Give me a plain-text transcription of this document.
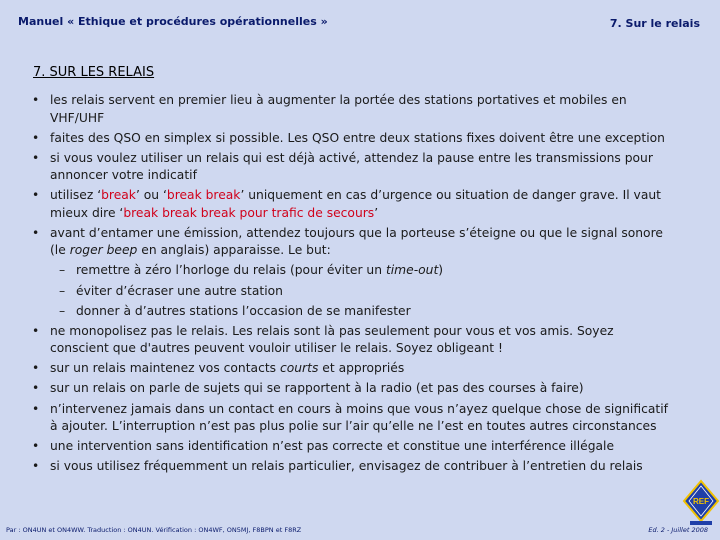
Manuel « Ethique et procédures opérationnelles »	7. Sur le relais
7. SUR LES RELAIS
• les relais servent en premier lieu à augmenter la portée des stations portatives et mobiles en VHF/UHF
• faites des QSO en simplex si possible. Les QSO entre deux stations fixes doivent être une exception
• si vous voulez utiliser un relais qui est déjà activé, attendez la pause entre les transmissions pour annoncer votre indicatif
• utilisez ‘break’ ou ‘break break’ uniquement en cas d’urgence ou situation de danger grave. Il vaut mieux dire ‘break break break pour trafic de secours’
• avant d’entamer une émission, attendez toujours que la porteuse s’éteigne ou que le signal sonore (le roger beep en anglais) apparaisse. Le but:
– remettre à zéro l’horloge du relais (pour éviter un time-out)
– éviter d’écraser une autre station
– donner à d’autres stations l’occasion de se manifester
• ne monopolisez pas le relais. Les relais sont là pas seulement pour vous et vos amis. Soyez conscient que d'autres peuvent vouloir utiliser le relais. Soyez obligeant !
• sur un relais maintenez vos contacts courts et appropriés
• sur un relais on parle de sujets qui se rapportent à la radio (et pas des courses à faire)
• n’intervenez jamais dans un contact en cours à moins que vous n’ayez quelque chose de significatif à ajouter. L’interruption n’est pas plus polie sur l’air qu’elle ne l’est en toutes autres circonstances
• une intervention sans identification n’est pas correcte et constitue une interférence illégale
• si vous utilisez fréquemment un relais particulier, envisagez de contribuer à l’entretien du relais
Par : ON4UN et ON4WW. Traduction : ON4UN. Vérification : ON4WF, ON5MJ, F8BPN et F8RZ	Ed. 2 - Juillet 2008
REF
